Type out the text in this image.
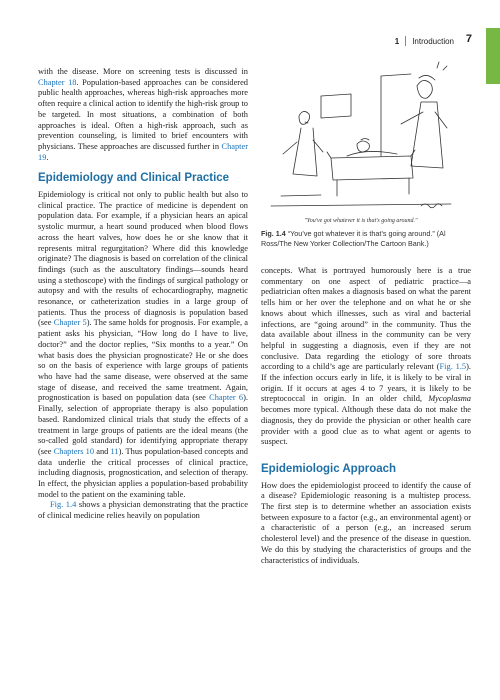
1 Introduction 7

with the disease. More on screening tests is discussed in Chapter 18. Population-based approaches can be considered public health approaches, whereas high-risk approaches more often require a clinical action to identify the high-risk group to be targeted. In most situations, a combination of both approaches is ideal. Often a high-risk approach, such as prevention counseling, is limited to brief encounters with physicians. These approaches are discussed further in Chapter 19.

Epidemiology and Clinical Practice

Epidemiology is critical not only to public health but also to clinical practice. The practice of medicine is dependent on population data. For example, if a physician hears an apical systolic murmur, a heart sound produced when blood flows across the heart valves, how does he or she know that it represents mitral regurgitation? Where did this knowledge originate? The diagnosis is based on correlation of the clinical findings (such as the auscultatory findings—sounds heard using a stethoscope) with the findings of surgical pathology or autopsy and with the results of echocardiography, magnetic resonance, or catheterization studies in a large group of patients. Thus the process of diagnosis is population based (see Chapter 5). The same holds for prognosis. For example, a patient asks his physician, “How long do I have to live, doctor?” and the doctor replies, “Six months to a year.” On what basis does the physician prognosticate? He or she does so on the basis of experience with large groups of patients who have had the same disease, were observed at the same stage of disease, and received the same treatment. Again, prognostication is based on population data (see Chapter 6). Finally, selection of appropriate therapy is also population based. Randomized clinical trials that study the effects of a treatment in large groups of patients are the ideal means (the so-called gold standard) for identifying appropriate therapy (see Chapters 10 and 11). Thus population-based concepts and data underlie the critical processes of clinical practice, including diagnosis, prognostication, and selection of therapy. In effect, the physician applies a population-based probability model to the patient on the examining table.

Fig. 1.4 shows a physician demonstrating that the practice of clinical medicine relies heavily on population

"You've got whatever it is that's going around."
Fig. 1.4 “You’ve got whatever it is that’s going around.” (Al Ross/The New Yorker Collection/The Cartoon Bank.)

concepts. What is portrayed humorously here is a true commentary on one aspect of pediatric practice—a pediatrician often makes a diagnosis based on what the parent tells him or her over the telephone and on what he or she knows about which illnesses, such as viral and bacterial infections, are “going around” in the community. Thus the data available about illness in the community can be very helpful in suggesting a diagnosis, even if they are not conclusive. Data regarding the etiology of sore throats according to a child’s age are particularly relevant (Fig. 1.5). If the infection occurs early in life, it is likely to be viral in origin. If it occurs at ages 4 to 7 years, it is likely to be streptococcal in origin. In an older child, Mycoplasma becomes more typical. Although these data do not make the diagnosis, they do provide the physician or other health care provider with a good clue as to what agent or agents to suspect.

Epidemiologic Approach

How does the epidemiologist proceed to identify the cause of a disease? Epidemiologic reasoning is a multistep process. The first step is to determine whether an association exists between exposure to a factor (e.g., an environmental agent) or a characteristic of a person (e.g., an increased serum cholesterol level) and the presence of the disease in question. We do this by studying the characteristics of groups and the characteristics of individuals.
